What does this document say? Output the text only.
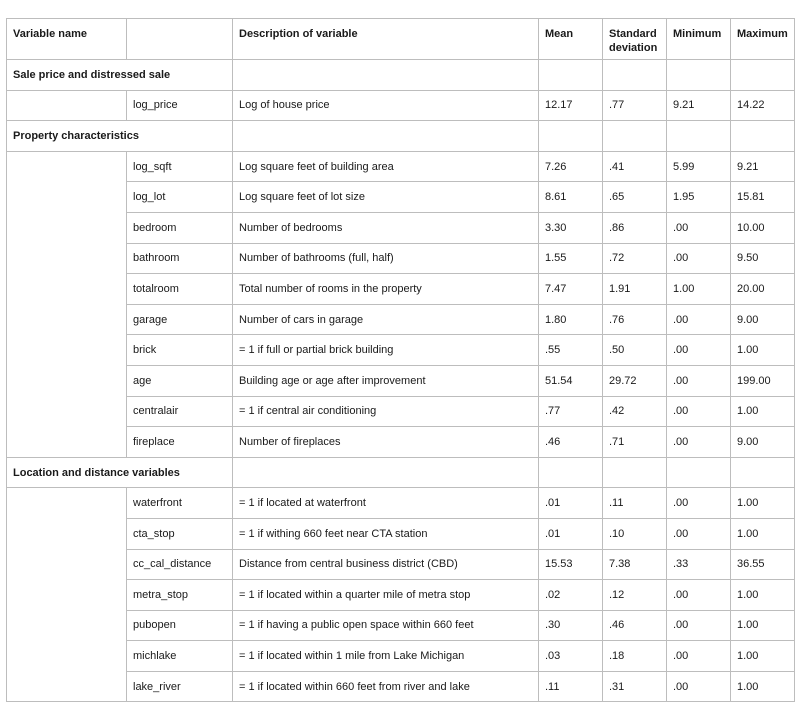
Variable name		Description of variable	Mean	Standard deviation	Minimum	Maximum
Sale price and distressed sale						
	log_price	Log of house price	12.17	.77	9.21	14.22
Property characteristics						
	log_sqft	Log square feet of building area	7.26	.41	5.99	9.21
	log_lot	Log square feet of lot size	8.61	.65	1.95	15.81
	bedroom	Number of bedrooms	3.30	.86	.00	10.00
	bathroom	Number of bathrooms (full, half)	1.55	.72	.00	9.50
	totalroom	Total number of rooms in the property	7.47	1.91	1.00	20.00
	garage	Number of cars in garage	1.80	.76	.00	9.00
	brick	= 1 if full or partial brick building	.55	.50	.00	1.00
	age	Building age or age after improvement	51.54	29.72	.00	199.00
	centralair	= 1 if central air conditioning	.77	.42	.00	1.00
	fireplace	Number of fireplaces	.46	.71	.00	9.00
Location and distance variables						
	waterfront	= 1 if located at waterfront	.01	.11	.00	1.00
	cta_stop	= 1 if withing 660 feet near CTA station	.01	.10	.00	1.00
	cc_cal_distance	Distance from central business district (CBD)	15.53	7.38	.33	36.55
	metra_stop	= 1 if located within a quarter mile of metra stop	.02	.12	.00	1.00
	pubopen	= 1 if having a public open space within 660 feet	.30	.46	.00	1.00
	michlake	= 1 if located within 1 mile from Lake Michigan	.03	.18	.00	1.00
	lake_river	= 1 if located within 660 feet from river and lake	.11	.31	.00	1.00
